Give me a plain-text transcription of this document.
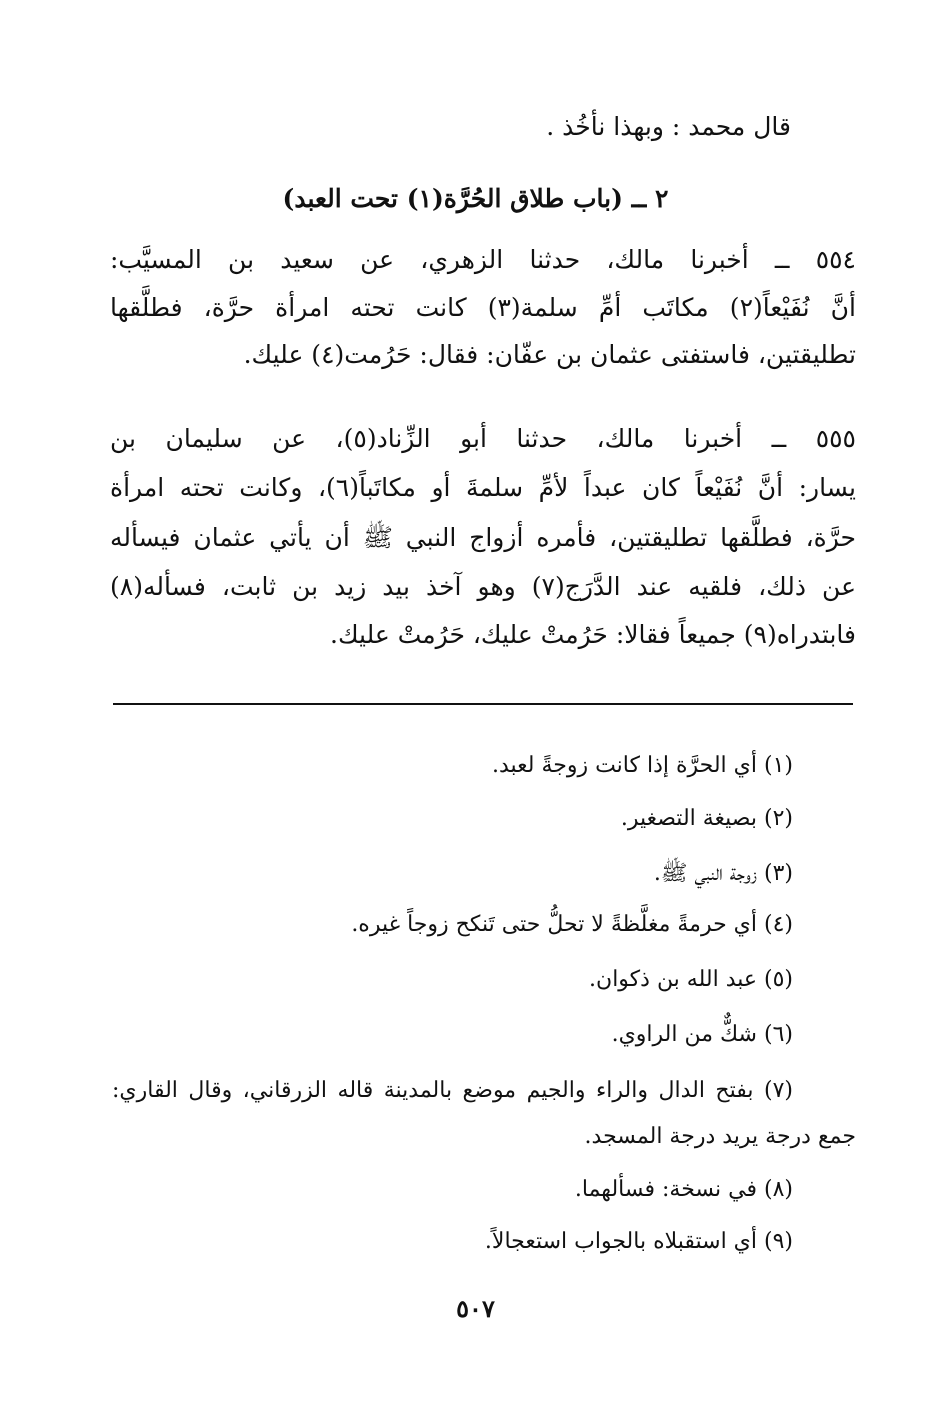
قال محمد : وبهذا نأخُذ .
٢ ــ (باب طلاق الحُرَّة(١) تحت العبد)
٥٥٤ ــ أخبرنا مالك، حدثنا الزهري، عن سعيد بن المسيَّب:
أنَّ نُفَيْعاً(٢) مكاتَب أمِّ سلمة(٣) كانت تحته امرأة حرَّة، فطلَّقها
تطليقتين، فاستفتى عثمان بن عفّان: فقال: حَرُمت(٤) عليك.
٥٥٥ ــ أخبرنا مالك، حدثنا أبو الزِّناد(٥)، عن سليمان بن
يسار: أنَّ نُفَيْعاً كان عبداً لأمِّ سلمةَ أو مكاتَباً(٦)، وكانت تحته امرأة
حرَّة، فطلَّقها تطليقتين، فأمره أزواج النبي ﷺ أن يأتي عثمان فيسأله
عن ذلك، فلقيه عند الدَّرَج(٧) وهو آخذ بيد زيد بن ثابت، فسأله(٨)
فابتدراه(٩) جميعاً فقالا: حَرُمتْ عليك، حَرُمتْ عليك.
(١) أي الحرَّة إذا كانت زوجةً لعبد.
(٢) بصيغة التصغير.
(٣) زوجة النبي ﷺ.
(٤) أي حرمةً مغلَّظةً لا تحلُّ حتى تَنكح زوجاً غيره.
(٥) عبد الله بن ذكوان.
(٦) شكٌّ من الراوي.
(٧) بفتح الدال والراء والجيم موضع بالمدينة قاله الزرقاني، وقال القاري:
جمع درجة يريد درجة المسجد.
(٨) في نسخة: فسألهما.
(٩) أي استقبلاه بالجواب استعجالاً.
٥٠٧
